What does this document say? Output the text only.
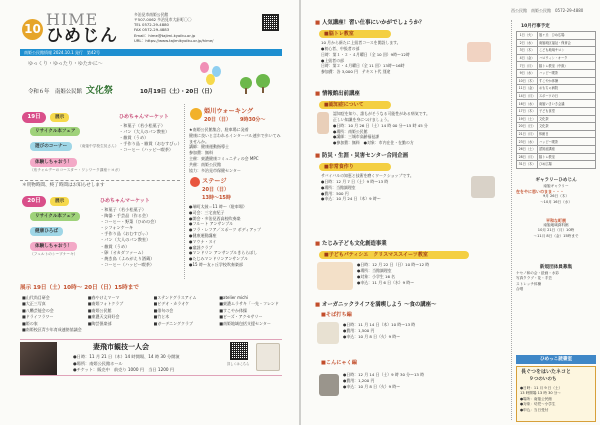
10 HIME
ひめじん
多治見市南姫公民館
〒507-0062 多治見市大針町〇〇
TEL 0572-29-4880
FAX 0572-29-4883
Email：hime@tajimi-kyoiku.or.jp
URL：https://www.tajimikyoiku.or.jp/hime/
南姫公民館情報 2024.10.1 発行　第42号
ゆっくり・ゆったり・ゆたかに～
令和６年　南姫公民館 文化祭	10月19日（土）・20日（日）
19日	展示
リサイクル本フェア
遊びのコーナー	（南姫中学校生徒さん）
体験しちゃおう！
（布チャルデーのコースター・ワンワーク講座＋ヨガ）
ひめちゃんマーケット
・和菓子（若小松菓子）
・パン（大人のパン教室）
・雑貨（うめ）
・手作り品・雑貨（おむすびぃ）
・コーヒー（ハッピー喫茶）
＊買物時間、終了時間はお知らせします
20日	展示
リサイクル本フェア
健康ひろば
体験しちゃおう！
（フェルトのシープケーキ）
ひめちゃんマーケット
・和菓子（若小松菓子）
・陶器・手芸品（作る会）
・コーヒー・野菜（ひめの会）
・シフォンケーキ
・手作り品（おむすびぃ）
・パン（大人のパン教室）
・雑貨（うめ）
・卵（オカダファーム）
・焼き鳥（よみがえり酒蔵）
・コーヒー（ハッピー喫茶）
姫川ウォーキング
20日（日） 9時30分～
★南姫公民館集合、駐車場に発着
健康に良いと言われるインターバル速歩で歩いてみませんか。
講師：健康運動指導士
参加費：無料
主催：東濃健康コミュニティの会 MPC
共催：南姫公民館
協力：多治見市保健センター
ステージ
20日（日）
13時～15時
●瑞町太鼓＝11 時～（駐車場）
●司会：三宅由紀子
●開会・多治見西高校吹奏楽
●フルート アンサンブル
●フラ・レフア／スポーツ ボディアップ
●健康運動講座
●マウナ・ヌイ
●童謡クラブ
●マンドリン アンサンブルきららぼし
●たじみマンドリンアンサンブル
●15 時～友ヶ丘学校吹奏楽部
展示 19日（土）10時～ 20日（日）15時まで
■山代尚目研会	■春やけえマーマ	■ステンドグラスアイム	■atelier michi
■大正三写真	■南姫フォトクラブ	■ビデオ・カラオケ	■東濃ムラサキ「一先・フレンド
■八幡芸能会の会	■南姫公民館	■俳句の会	■すこやか体操
■ドライフラワー	■東濃天文同好会	■竹と木	■ビーズ・アクセサリー
■姫の家	■陶芸倶楽部	■ガーデニングクラブ	■南姫地域包括支援センター
■南姫校区青少年育成連絡協議会
妻飛市観技一人会
●日時：11 月 21 日（木）14 時開場、14 時 30 分開演
●場所：南姫公民館ホール
●チケット：販売中　前売り 1000 円　当日 1200 円
詳しくはこちら
西公民館　南姫公民館　0572-29-4880
■ 人気講座！習い仕事にいかがでしょうか？
■脳トレ教室
10 月から新たに上級者コースを開設します。
●初心者、中級者の部
日時：第１・２・４月曜日（全 10 回）9時～12時
●上級者の部
日時：第２・４月曜日（全 11 回）13時～16時
参加費：各 3,000 円　テキスト代 別途
■ 情報館出前講座
■認知症について
認知症を知り、誰もがそうなる可能性がある病気です。
正しい知識を身につけましょう。
●日時：10 月 26 日（土）14 時 00 分～15 時 45 分
●場所：南姫公民館
●講師：三城市高齢福祉課
●参加費：無料　●対象：市内在住・在勤の方
■ 防災・生涯・災害センター合同企画
■非常食作り
サバイバルの知恵と技術を磨くワークショップです。
●日時：12 月 7 日（土）9 時～13 時
●場所：当館調理室
●費用：500 円
●申込：10 月 24 日（木）9 時～
■ たじみ子ども文化創造事業
■子どもパティシエ　クリスマススイーツ教室
●日時：12 月 22 日（日）10 時～12 時
●場所：当館調理室
●対象：小学生 16 名
●申込：11 月 6 日（水）9 時～
■ オーガニックライフを満喫しよう ～食の講座～
■そば打ち編
●日時：11 月 14 日（木）10 時～13 時
●費用：1,500 円
●申込：10 月 8 日（火）9 時～
■こんにゃく編
●日時：12 月 14 日（土）9 時 30 分～13 時
●費用：1,200 円
●申込：10 月 8 日（火）9 時～
10月行事予定
1日（火）	姫ヶ丘　ひめ広場
2日（水）	南姫地区福祉・保育会
3日（木）	こども地域サロン
4日（金）	ハロウィン・オーク
7日（月）	脳トレ教室（中級）
9日（水）	ハッピー喫茶
10日（木）	すこやか体操
11日（金）	おもちゃ病院
14日（月）	スポーツの日
16日（水）	南姫いきいき会議
17日（木）	子ども食堂
19日（土）	文化祭
20日（日）	文化祭
21日（月）	休館日
23日（水）	ハッピー喫茶
26日（土）	認知症講座
28日（月）	脳トレ教室
31日（木）	ひめ広場
ギャラリーひめじん
南姫ギャラリー
在をやに思いのまま・・・
9月 26日（木）
～10月 16日（水）
平和な町展
南姫地域資料館
10月 21日（月）10時
～11月 8日（金）15時まで
新規団体員募集
ケセノ和の会・絵画・水彩
写真クラブ・花・手芸
ストレッチ体操
合唱
ひめっこ読書室
長ぐつをはいたネコと
９つのいのち
●日時：11 月 9 日（土）
13 時開場 13 時 30 分～
●場所：南姫公民館
●対象：幼児～小学生
●申込：当日受付
